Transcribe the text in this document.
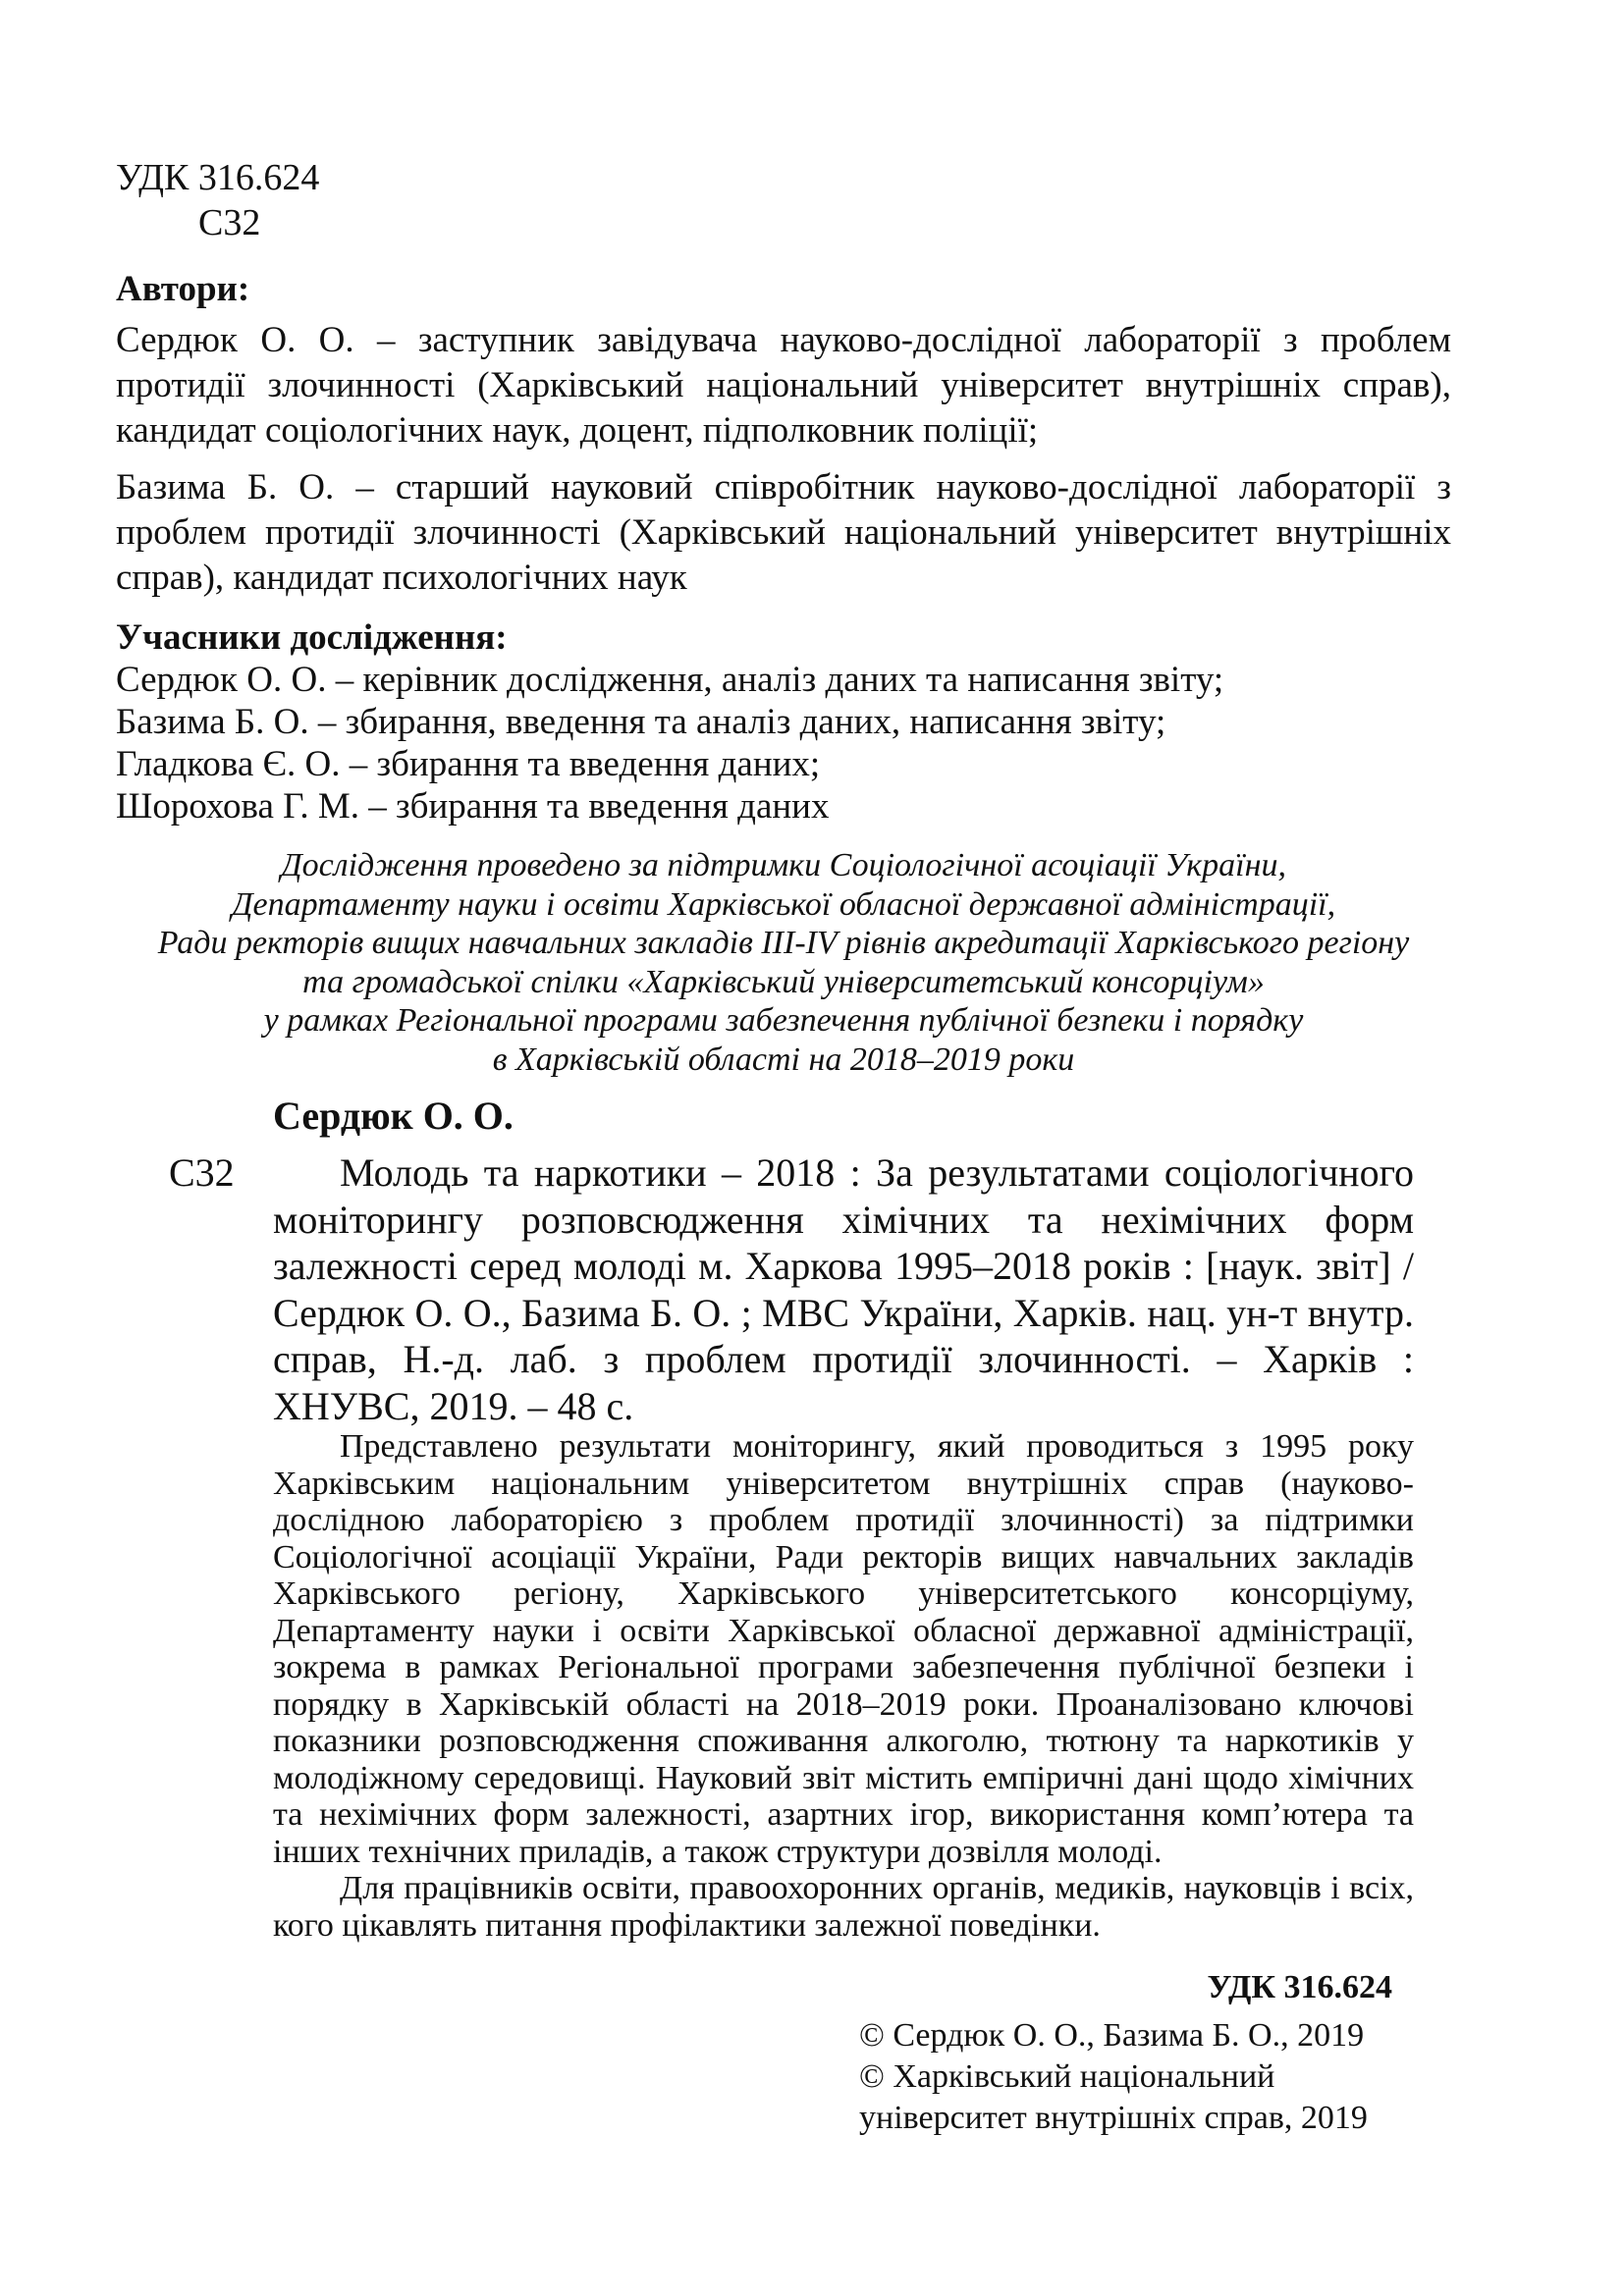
УДК 316.624
С32
Автори:

Сердюк О. О. – заступник завідувача науково-дослідної лабораторії з проблем протидії злочинності (Харківський національний університет внутрішніх справ), кандидат соціологічних наук, доцент, підполковник поліції;

Базима Б. О. – старший науковий співробітник науково-дослідної лабораторії з проблем протидії злочинності (Харківський національний університет внутрішніх справ), кандидат психологічних наук

Учасники дослідження:
Сердюк О. О. – керівник дослідження, аналіз даних та написання звіту;
Базима Б. О. – збирання, введення та аналіз даних, написання звіту;
Гладкова Є. О. – збирання та введення даних;
Шорохова Г. М. – збирання та введення даних
Дослідження проведено за підтримки Соціологічної асоціації України,
Департаменту науки і освіти Харківської обласної державної адміністрації,
Ради ректорів вищих навчальних закладів ІІІ-IV рівнів акредитації Харківського регіону
та громадської спілки «Харківський університетський консорціум»
у рамках Регіональної програми забезпечення публічної безпеки і порядку
в Харківській області на 2018–2019 роки
Сердюк О. О.
С32	Молодь та наркотики – 2018 : За результатами соціологічного моніторингу розповсюдження хімічних та нехімічних форм залежності серед молоді м. Харкова 1995–2018 років : [наук. звіт] / Сердюк О. О., Базима Б. О. ; МВС України, Харків. нац. ун-т внутр. справ, Н.-д. лаб. з проблем протидії злочинності. – Харків : ХНУВС, 2019. – 48 с.

Представлено результати моніторингу, який проводиться з 1995 року Харківським національним університетом внутрішніх справ (науково-дослідною лабораторією з проблем протидії злочинності) за підтримки Соціологічної асоціації України, Ради ректорів вищих навчальних закладів Харківського регіону, Харківського університетського консорціуму, Департаменту науки і освіти Харківської обласної державної адміністрації, зокрема в рамках Регіональної програми забезпечення публічної безпеки і порядку в Харківській області на 2018–2019 роки. Проаналізовано ключові показники розповсюдження споживання алкоголю, тютюну та наркотиків у молодіжному середовищі. Науковий звіт містить емпіричні дані щодо хімічних та нехімічних форм залежності, азартних ігор, використання комп’ютера та інших технічних приладів, а також структури дозвілля молоді.

Для працівників освіти, правоохоронних органів, медиків, науковців і всіх, кого цікавлять питання профілактики залежної поведінки.

УДК 316.624
© Сердюк О. О., Базима Б. О., 2019
© Харківський національний
університет внутрішніх справ, 2019
